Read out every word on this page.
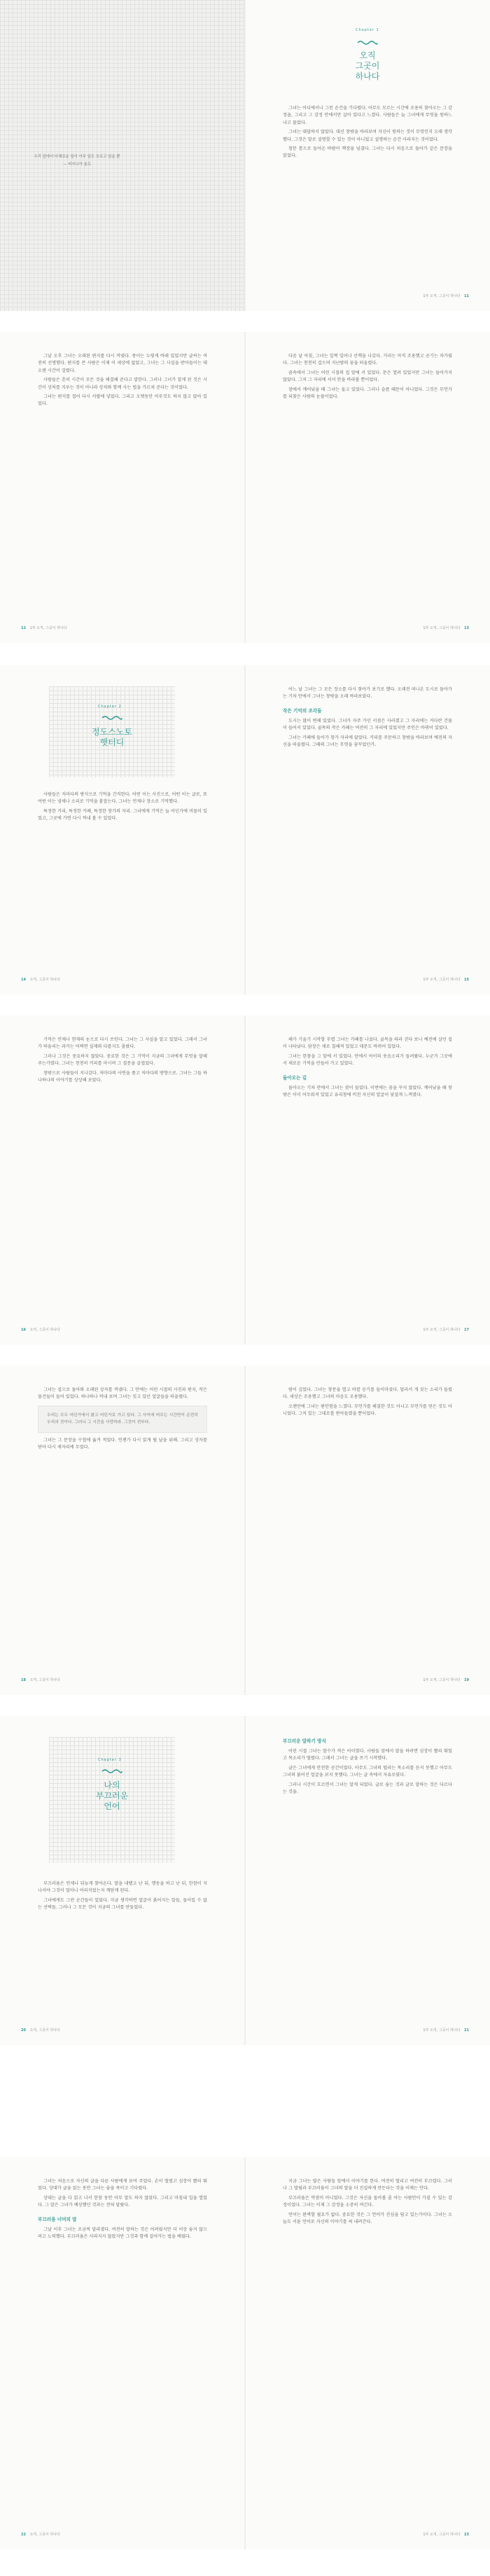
우리 앞에서 다채로운 일이 아무 일도 모르고 있을 뿐
— 버지니아 울프
Chapter 1
오직
그곳이
하나다

그녀는 어디에서나 그런 순간을 기다렸다. 아무도 모르는 시간에 조용히 찾아오는 그 감정을, 그리고 그 감정 안에서만 살아 있다고 느꼈다. 사람들은 늘 그녀에게 무엇을 원하느냐고 물었다.

그녀는 대답하지 않았다. 대신 창밖을 바라보며 자신이 원하는 것이 무엇인지 오래 생각했다. 그것은 말로 설명할 수 있는 것이 아니었고 설명하는 순간 사라지는 것이었다.

창문 틈으로 들어온 바람이 책장을 넘겼다. 그녀는 다시 처음으로 돌아가 같은 문장을 읽었다.

1부 오직, 그곳이 하나다 11

그날 오후 그녀는 오래된 편지를 다시 꺼냈다. 종이는 누렇게 바래 있었지만 글씨는 여전히 선명했다. 편지를 쓴 사람은 이제 이 세상에 없었고, 그녀는 그 사실을 받아들이는 데 오랜 시간이 걸렸다.

사람들은 흔히 시간이 모든 것을 해결해 준다고 말한다. 그러나 그녀가 알게 된 것은 시간이 상처를 지우는 것이 아니라 상처와 함께 사는 법을 가르쳐 준다는 것이었다.

그녀는 편지를 접어 다시 서랍에 넣었다. 그리고 오랫동안 아무것도 하지 않고 앉아 있었다.

12 1부 오직, 그곳이 하나다

다음 날 아침, 그녀는 일찍 일어나 산책을 나갔다. 거리는 아직 조용했고 공기는 차가웠다. 그녀는 천천히 걸으며 지난밤의 꿈을 떠올렸다.

꿈속에서 그녀는 어린 시절의 집 앞에 서 있었다. 문은 열려 있었지만 그녀는 들어가지 않았다. 그저 그 자리에 서서 안을 바라볼 뿐이었다.

잠에서 깨어났을 때 그녀는 울고 있었다. 그러나 슬픔 때문이 아니었다. 그것은 무언가를 되찾은 사람의 눈물이었다.

1부 오직, 그곳이 하나다 13
Chapter 2
정도스노토
햇터디

사람들은 저마다의 방식으로 기억을 간직한다. 어떤 이는 사진으로, 어떤 이는 글로, 또 어떤 이는 냄새나 소리로 기억을 붙잡는다. 그녀는 언제나 장소로 기억했다.

특정한 거리, 특정한 카페, 특정한 창가의 자리. 그녀에게 기억은 늘 어딘가에 머물러 있었고, 그곳에 가면 다시 꺼내 볼 수 있었다.

14 오직, 그곳이 하나다

어느 날 그녀는 그 모든 장소를 다시 찾아가 보기로 했다. 오래전 떠나온 도시로 돌아가는 기차 안에서 그녀는 창밖을 오래 바라보았다.

작은 기억의 조각들

도시는 많이 변해 있었다. 그녀가 자주 가던 서점은 사라졌고 그 자리에는 커다란 건물이 들어서 있었다. 골목의 작은 카페는 여전히 그 자리에 있었지만 주인은 바뀌어 있었다.

그녀는 카페에 들어가 창가 자리에 앉았다. 커피를 주문하고 창밖을 바라보며 예전의 자신을 떠올렸다. 그때의 그녀는 무엇을 꿈꾸었던가.

1부 오직, 그곳이 하나다 15

기억은 언제나 현재의 눈으로 다시 쓰인다. 그녀는 그 사실을 알고 있었다. 그래서 그녀가 떠올리는 과거는 어쩌면 실제와 다를지도 몰랐다.

그러나 그것은 중요하지 않았다. 중요한 것은 그 기억이 지금의 그녀에게 무엇을 말해 주는가였다. 그녀는 천천히 커피를 마시며 그 질문을 곱씹었다.

창밖으로 사람들이 지나갔다. 저마다의 사연을 품고 저마다의 방향으로. 그녀는 그들 하나하나의 이야기를 상상해 보았다.

16 오직, 그곳이 하나다

해가 기울기 시작할 무렵 그녀는 카페를 나섰다. 골목을 따라 걷다 보니 예전에 살던 집이 나타났다. 담장은 새로 칠해져 있었고 대문도 바뀌어 있었다.

그녀는 한참을 그 앞에 서 있었다. 안에서 아이의 웃음소리가 들려왔다. 누군가 그곳에서 새로운 기억을 만들어 가고 있었다.

돌아오는 길

돌아오는 기차 안에서 그녀는 잠이 들었다. 이번에는 꿈을 꾸지 않았다. 깨어났을 때 창밖은 이미 어두워져 있었고 유리창에 비친 자신의 얼굴이 낯설게 느껴졌다.

1부 오직, 그곳이 하나다 17

그녀는 집으로 돌아와 오래된 상자를 꺼냈다. 그 안에는 어린 시절의 사진과 편지, 작은 물건들이 들어 있었다. 하나하나 꺼내 보며 그녀는 잊고 있던 얼굴들을 떠올렸다.

우리는 모두 어딘가에서 왔고 어딘가로 가고 있다. 그 사이에 머무는 시간만이 온전히 우리의 것이다. 그러니 그 시간을 사랑하라. 그것이 전부다.

그녀는 그 문장을 수첩에 옮겨 적었다. 언젠가 다시 읽게 될 날을 위해. 그리고 상자를 닫아 다시 제자리에 두었다.

18 오직, 그곳이 하나다

밤이 깊었다. 그녀는 창문을 열고 바깥 공기를 들이마셨다. 멀리서 개 짖는 소리가 들렸다. 세상은 조용했고 그녀의 마음도 조용했다.

오랜만에 그녀는 편안함을 느꼈다. 무언가를 해결한 것도 아니고 무언가를 얻은 것도 아니었다. 그저 있는 그대로를 받아들였을 뿐이었다.

1부 오직, 그곳이 하나다 19
Chapter 3
나의
부끄러운
언어

부끄러움은 언제나 뒤늦게 찾아온다. 말을 내뱉고 난 뒤, 행동을 하고 난 뒤, 한참이 지나서야 그것이 얼마나 어리석었는지 깨닫게 된다.

그녀에게도 그런 순간들이 있었다. 지금 생각하면 얼굴이 붉어지는 말들, 돌이킬 수 없는 선택들. 그러나 그 모든 것이 지금의 그녀를 만들었다.

20 오직, 그곳이 하나다
부끄러운 말하기 방식

어린 시절 그녀는 말수가 적은 아이였다. 사람들 앞에서 말을 하려면 심장이 빨리 뛰었고 목소리가 떨렸다. 그래서 그녀는 글을 쓰기 시작했다.

글은 그녀에게 안전한 공간이었다. 아무도 그녀의 떨리는 목소리를 듣지 못했고 아무도 그녀의 붉어진 얼굴을 보지 못했다. 그녀는 글 속에서 자유로웠다.

그러나 시간이 흐르면서 그녀는 알게 되었다. 글로 숨는 것과 글로 말하는 것은 다르다는 것을.

1부 오직, 그곳이 하나다 21

그녀는 처음으로 자신의 글을 다른 사람에게 보여 주었다. 손이 떨렸고 심장이 빨리 뛰었다. 상대가 글을 읽는 동안 그녀는 숨을 죽이고 기다렸다.

상대는 글을 다 읽고 나서 한참 동안 아무 말도 하지 않았다. 그리고 마침내 입을 열었다. 그 말은 그녀가 예상했던 것과는 전혀 달랐다.

부끄러움 너머의 말

그날 이후 그녀는 조금씩 달라졌다. 여전히 말하는 것은 어려웠지만 더 이상 숨지 않으려고 노력했다. 부끄러움은 사라지지 않았지만 그것과 함께 걸어가는 법을 배웠다.

22 오직, 그곳이 하나다

지금 그녀는 많은 사람들 앞에서 이야기를 한다. 여전히 떨리고 여전히 부끄럽다. 그러나 그 떨림과 부끄러움이 그녀의 말을 더 진실하게 만든다는 것을 이제는 안다.

부끄러움은 약점이 아니었다. 그것은 자신을 돌아볼 줄 아는 사람만이 가질 수 있는 감정이었다. 그녀는 이제 그 감정을 소중히 여긴다.

언어는 완벽할 필요가 없다. 중요한 것은 그 언어가 진심을 담고 있는가이다. 그녀는 오늘도 서툰 언어로 자신의 이야기를 써 내려간다.

1부 오직, 그곳이 하나다 23
